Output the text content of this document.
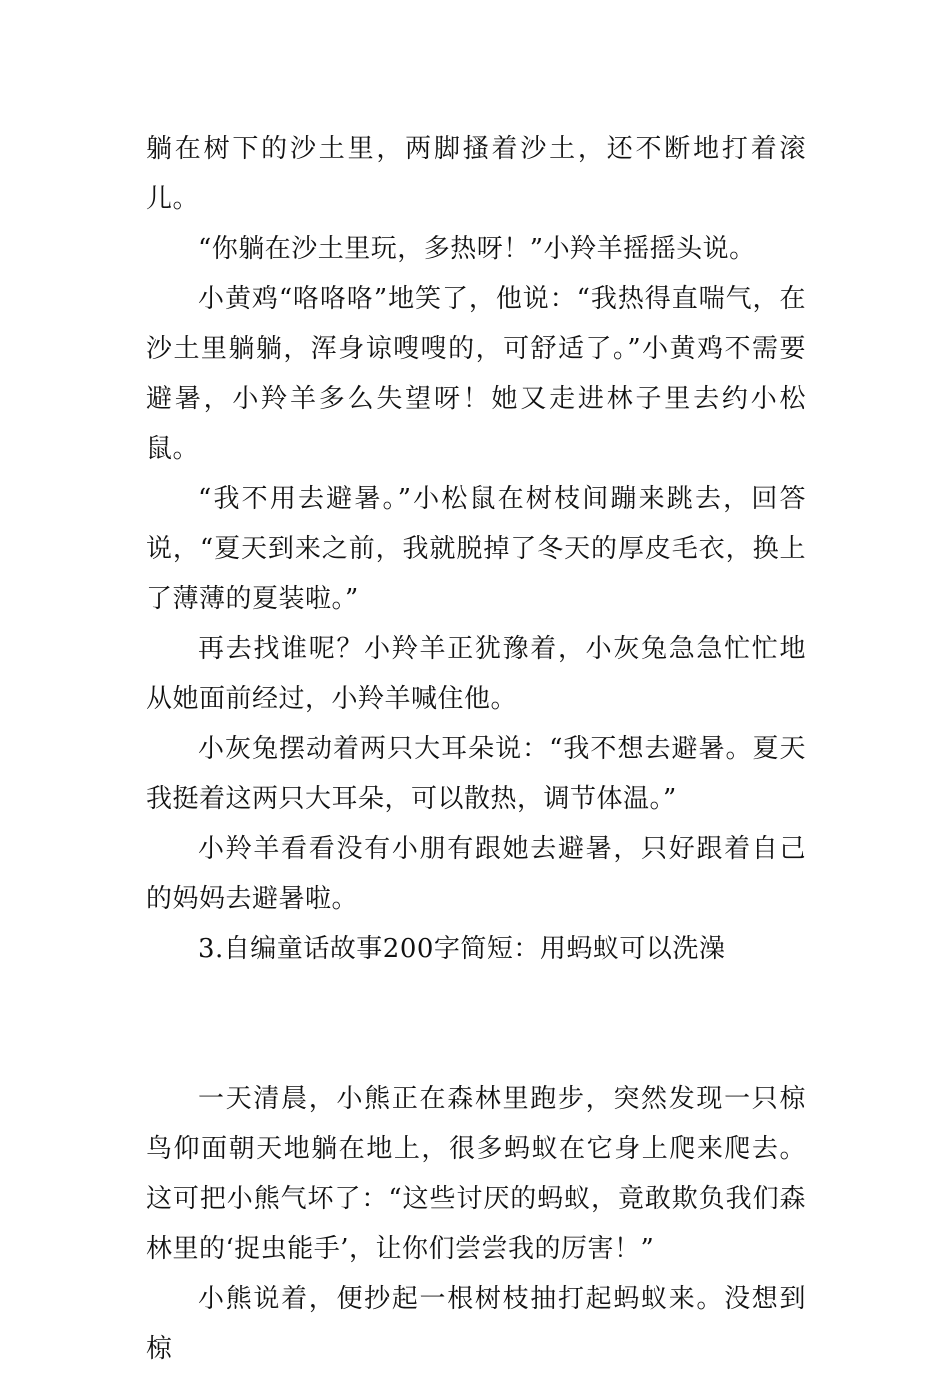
躺在树下的沙土里，两脚搔着沙土，还不断地打着滚儿。

“你躺在沙土里玩，多热呀！”小羚羊摇摇头说。

小黄鸡“咯咯咯”地笑了，他说：“我热得直喘气，在沙土里躺躺，浑身谅嗖嗖的，可舒适了。”小黄鸡不需要避暑，小羚羊多么失望呀！她又走进林子里去约小松鼠。

“我不用去避暑。”小松鼠在树枝间蹦来跳去，回答说，“夏天到来之前，我就脱掉了冬天的厚皮毛衣，换上了薄薄的夏装啦。”

再去找谁呢？小羚羊正犹豫着，小灰兔急急忙忙地从她面前经过，小羚羊喊住他。

小灰兔摆动着两只大耳朵说：“我不想去避暑。夏天我挺着这两只大耳朵，可以散热，调节体温。”

小羚羊看看没有小朋有跟她去避暑，只好跟着自己的妈妈去避暑啦。

3.自编童话故事200字简短：用蚂蚁可以洗澡

一天清晨，小熊正在森林里跑步，突然发现一只椋鸟仰面朝天地躺在地上，很多蚂蚁在它身上爬来爬去。这可把小熊气坏了：“这些讨厌的蚂蚁，竟敢欺负我们森林里的‘捉虫能手’，让你们尝尝我的厉害！”

小熊说着，便抄起一根树枝抽打起蚂蚁来。没想到椋
